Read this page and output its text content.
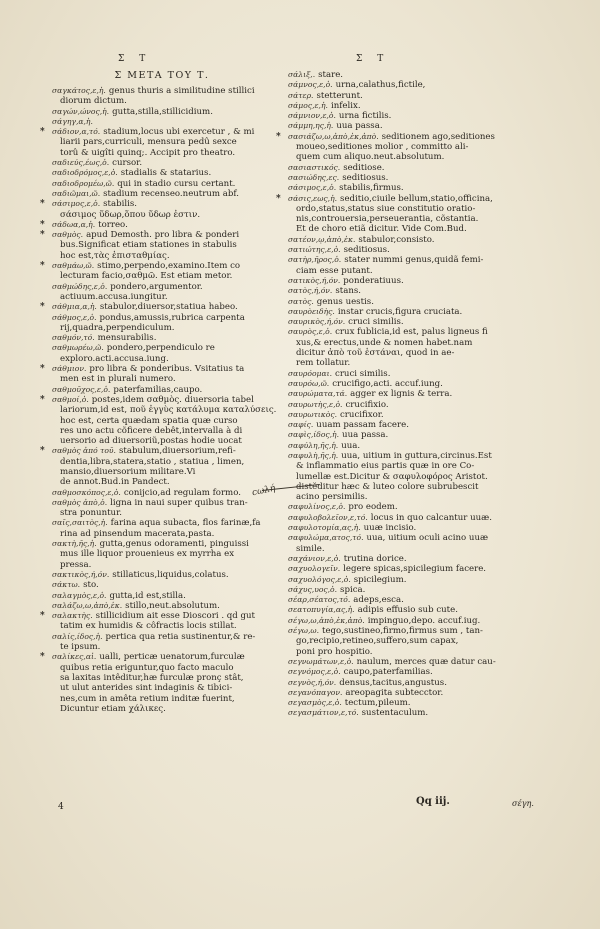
Σ Τ	Σ Τ
Σ ΜΕΤΑ ΤΟΥ Τ.
σαγκάτος,ε,ἡ. genus thuris a similitudine stillici
diorum dictum.
σαγών,ώνος,ἡ. gutta,stilla,stillicidium.
σάγηγ,α,ἡ.
* σάδιον,α,τό. stadium,locus ubi exercetur , & mi
liarii pars,curriculi, mensura pedû sexce
torû & uigîti quinq;. Accipit pro theatro.
σαδιεύς,έως,ὁ. cursor.
σαδιοδρόμος,ε,ὁ. stadialis & statarius.
σαδιοδρομέω,ῶ. qui in stadio cursu certant.
σαδιῶμαι,ῶ. stadium recenseo.neutrum abf.
* σάσιμος,ε,ὁ. stabilis.
σάσιμος ὕδωρ,ὅπου ὕδωρ ἐστιν.
* σάδωα,α,ἡ. torreo.
* σαθμὸς. apud Demosth. pro libra & ponderi
bus.Significat etiam stationes in stabulis
hoc est,τὰς ἐπισταθμίας.
* σαθμάω,ῶ. stimo,perpendo,examino.Item co
lecturam facio,σαθμῶ. Est etiam metor.
σαθμώδης,ε,ὁ. pondero,argumentor.
actiuum.accusa.iungitur.
* σάθμια,α,ἡ. stabulor,diuersor,statiua habeo.
σάθμος,ε,ὁ. pondus,amussis,rubrica carpenta
rij,quadra,perpendiculum.
σαθμόν,τό. mensurabilis.
σαθμωρέω,ῶ. pondero,perpendiculo re
exploro.acti.accusa.iung.
* σάθμιον. pro libra & ponderibus. Vsitatius ta
men est in plurali numero.
σαθμοῦχος,ε,ὁ. paterfamilias,caupo.
* σαθμοί,ὁ. postes,idem σαθμὸς. diuersoria tabel
lariorum,id est, ποῦ ἐγγὺς κατάλυμα καταλύσεις.
hoc est, certa quædam spatia quæ curso
res uno actu cõficere debêt,intervalla à di
uersorio ad diuersoriũ,postas hodie uocat
* σαθμὸς ἀπό τοῦ. stabulum,diuersorium,refi-
dentia,libra,statera,statio , statiua , limen,
mansio,diuersorium militare.Vi
de annot.Bud.in Pandect.
σαθμοσκόπος,ε,ὁ. conijcio,ad regulam formo.
σαθμὸς ἀπὸ,ὁ. ligna in naui super quibus tran-
stra ponuntur.
σαῖς,σαιτὸς,ἡ. farina aqua subacta, flos farinæ,fa
rina ad pinsendum macerata,pasta.
σακτὴ,ῆς,ἡ. gutta,genus odoramenti, pinguissi
mus ille liquor prouenieus ex myrrha ex
pressa.
σακτικὸς,ή,όν. stillaticus,liquidus,colatus.
σάκτω. sto.
σαλαγμὸς,ε,ὁ. gutta,id est,stilla.
σαλάζω,ω,ἀπὸ,ἐκ. stillo,neut.absolutum.
* σαλακτὴς. stillicidium ait esse Dioscori . qd gut
tatim ex humidis & côfractis locis stillat.
σαλίς,ίδος,ἡ. pertica qua retia sustinentur,& re-
te ipsum.
* σαλίκες,αἱ. ualli, perticæ uenatorum,furculæ
quibus retia eriguntur,quo facto maculo
sa laxitas intêditur,hæ furculæ pronç stât,
ut ulut anterides sint indaginis & tibici-
nes,cum in amêta retium inditæ fuerint,
Dicuntur etiam χάλικες.
σάλιξ,. stare.
σάμνος,ε,ὁ. urna,calathus,fictile,
σάτερ. stetterunt.
σάμος,ε,ἡ. infelix.
σάμνιον,ε,ὁ. urna fictilis.
σάμμη,ης,ἡ. uua passa.
* σασιάζω,ω,ἀπὸ,ἐκ,ἀπὸ. seditionem ago,seditiones
moueo,seditiones molior , committo ali-
quem cum aliquo.neut.absolutum.
σασιαστικός. seditiose.
σασιώδης,ες. seditiosus.
σάσιμος,ε,ὁ. stabilis,firmus.
* σάσις,εως,ἡ. seditio,ciuile bellum,statio,officina,
ordo,status,status siue constitutio oratio-
nis,controuersia,perseuerantia, cõstantia.
Et de choro etiã dicitur. Vide Com.Bud.
σατέον,ῳ,ἀπὸ,ἐκ. stabulor,consisto.
σατιώτης,ε,ὁ. seditiosus.
σατὴρ,ῆρος,ὁ. stater nummi genus,quidã femi-
ciam esse putant.
σατικὸς,ή,όν. ponderatiuus.
σατὸς,ή,όν. stans.
σατὸς. genus uestis.
σαυρὸειδὴς. instar crucis,figura cruciata.
σαυρικὸς,ή,όν. cruci similis.
σαυρὸς,ε,ὁ. crux fublicia,id est, palus ligneus fi
xus,& erectus,unde & nomen habet.nam
dicitur ἀπὸ τοῦ ἑστάναι, quod in ae-
rem tollatur.
σαυρόομαι. cruci similis.
σαυρόω,ῶ. crucifigo,acti. accuf.iung.
σαυρώματα,τά. agger ex lignis & terra.
σαυρωτὴς,ε,ὁ. crucifixio.
σαυρωτικὸς. crucifixor.
σαφίς. uuam passam facere.
σαφὶς,ίδος,ἡ. uua passa.
σαφύλη,ῆς,ἡ. uua.
σαφυλὴ,ῆς,ἡ. uua, uitium in guttura,circinus.Est
& inflammatio eius partis quæ in ore Co-
lumellæ est.Dicitur & σαφυλοφόρος Aristot.
distĕditur hæc & luteo colore subrubescit
acino persimilis.
σαφυλίνος,ε,ὁ. pro eodem.
σαφυλοβολεῖον,ε,τό. locus in quo calcantur uuæ.
σαφυλοτομία,ας,ἡ. uuæ incisio.
σαφυλώμα,ατος,τό. uua, uitium oculi acino uuæ
simile.
σαχάνιον,ε,ὁ. trutina dorice.
σαχυολογεῖν. legere spicas,spicilegium facere.
σαχυολόγος,ε,ὁ. spicilegium.
σάχυς,υος,ὁ. spica.
σέαρ,σέατος,τό. adeps,esca.
σεατοπυγία,ας,ἡ. adipis effusio sub cute.
σέγω,ω,ἀπὸ,ἐκ,ἀπὸ. impinguo,depo. accuf.iug.
σέγω,ω. tego,sustineo,firmo,firmus sum , tan-
go,recipio,retineo,suffero,sum capax,
poni pro hospitio.
σεγνωμάτων,ε,ὁ. naulum, merces quæ datur cau-
σεγνόμος,ε,ὁ. caupo,paterfamilias.
σεγνὸς,ή,όν. densus,tacitus,angustus.
σεγανόπαγον. areopagita subtecctor.
σεγασμὸς,ε,ὁ. tectum,pileum.
σεγασμάτιον,ε,τό. sustentaculum.
ϲωλή
4	Qq iij.	σέγη.
